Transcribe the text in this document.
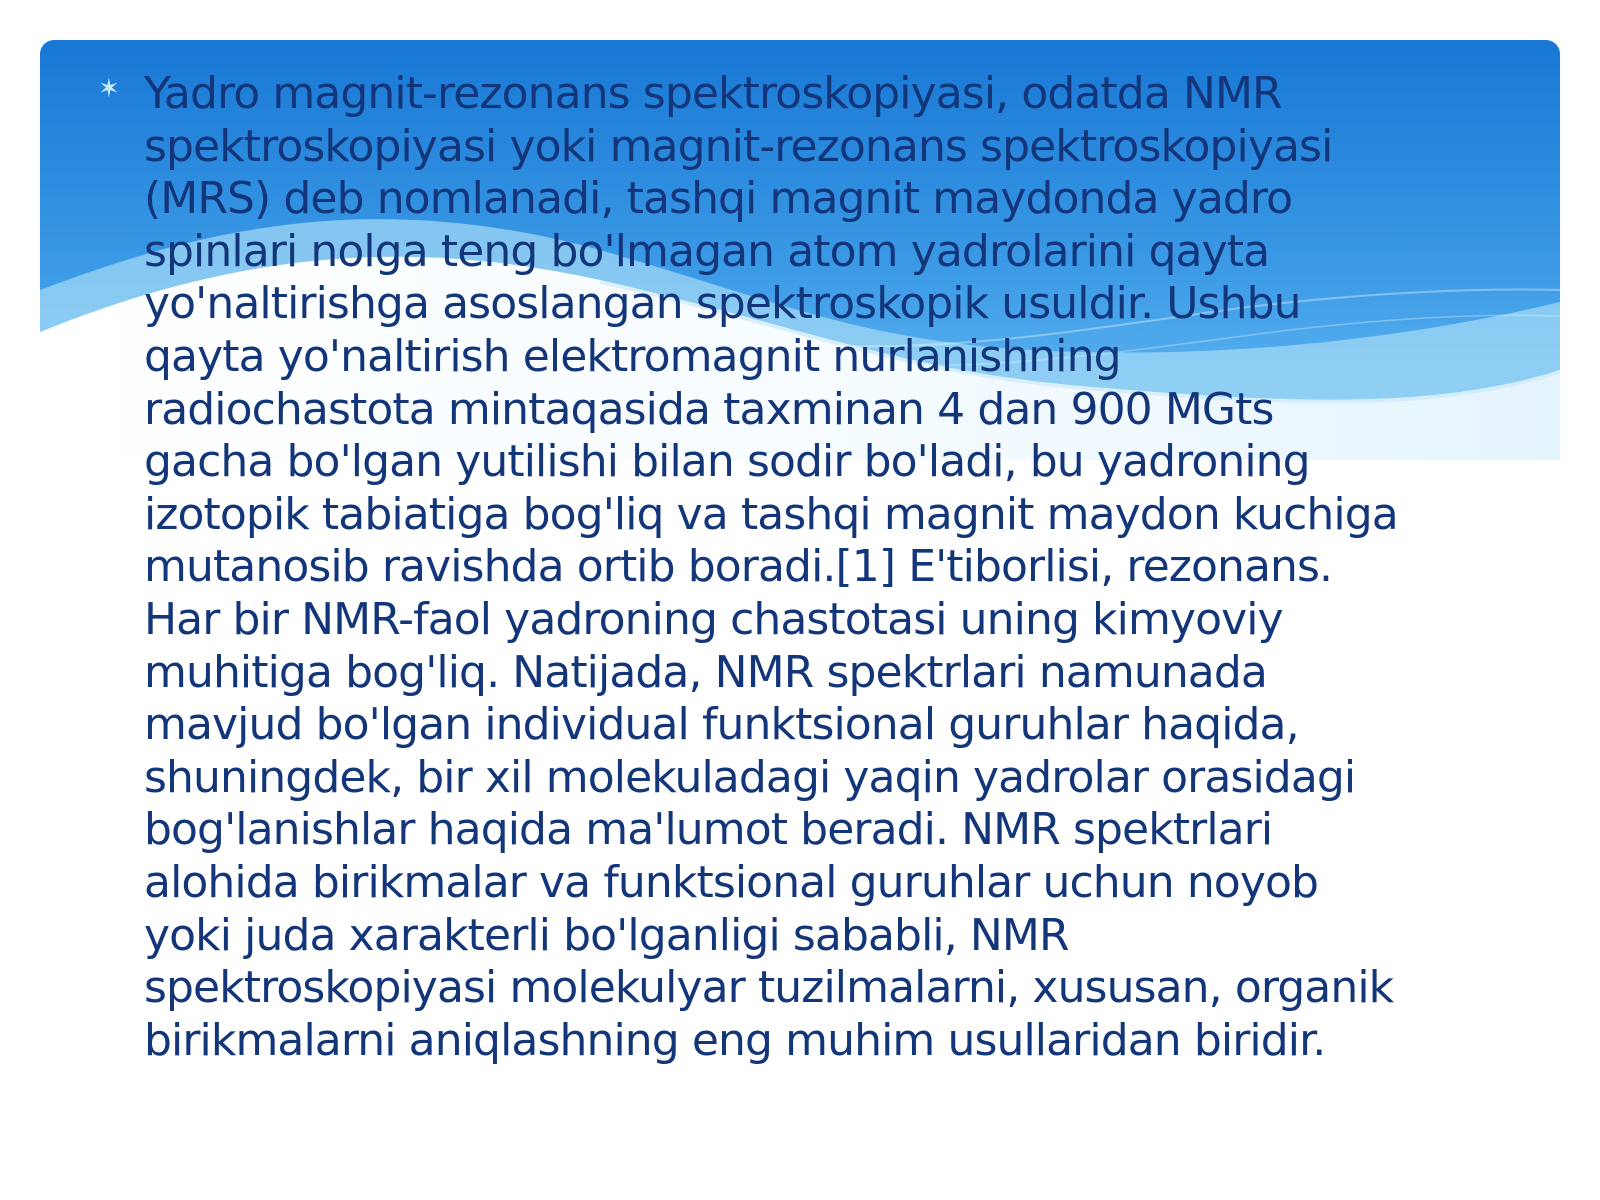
✶ Yadro magnit-rezonans spektroskopiyasi, odatda NMR
spektroskopiyasi yoki magnit-rezonans spektroskopiyasi
(MRS) deb nomlanadi, tashqi magnit maydonda yadro
spinlari nolga teng bo'lmagan atom yadrolarini qayta
yo'naltirishga asoslangan spektroskopik usuldir. Ushbu
qayta yo'naltirish elektromagnit nurlanishning
radiochastota mintaqasida taxminan 4 dan 900 MGts
gacha bo'lgan yutilishi bilan sodir bo'ladi, bu yadroning
izotopik tabiatiga bog'liq va tashqi magnit maydon kuchiga
mutanosib ravishda ortib boradi.[1] E'tiborlisi, rezonans.
Har bir NMR-faol yadroning chastotasi uning kimyoviy
muhitiga bog'liq. Natijada, NMR spektrlari namunada
mavjud bo'lgan individual funktsional guruhlar haqida,
shuningdek, bir xil molekuladagi yaqin yadrolar orasidagi
bog'lanishlar haqida ma'lumot beradi. NMR spektrlari
alohida birikmalar va funktsional guruhlar uchun noyob
yoki juda xarakterli bo'lganligi sababli, NMR
spektroskopiyasi molekulyar tuzilmalarni, xususan, organik
birikmalarni aniqlashning eng muhim usullaridan biridir.
